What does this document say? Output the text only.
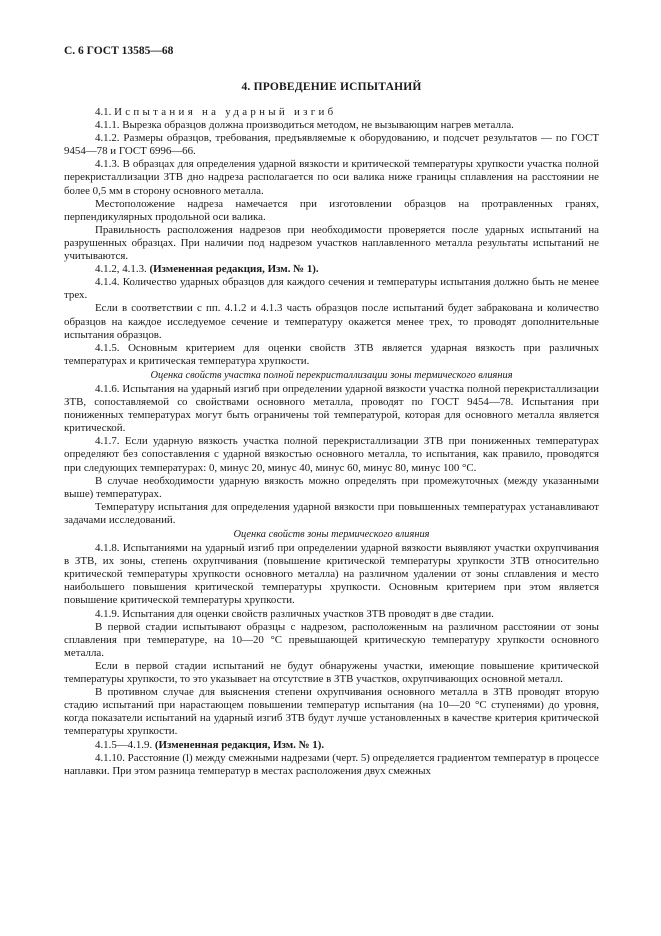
С. 6 ГОСТ 13585—68
4. ПРОВЕДЕНИЕ ИСПЫТАНИЙ
4.1. Испытания на ударный изгиб
4.1.1. Вырезка образцов должна производиться методом, не вызывающим нагрев металла.
4.1.2. Размеры образцов, требования, предъявляемые к оборудованию, и подсчет результатов — по ГОСТ 9454—78 и ГОСТ 6996—66.
4.1.3. В образцах для определения ударной вязкости и критической температуры хрупкости участка полной перекристаллизации ЗТВ дно надреза располагается по оси валика ниже границы сплавления на расстоянии не более 0,5 мм в сторону основного металла.
Местоположение надреза намечается при изготовлении образцов на протравленных гранях, перпендикулярных продольной оси валика.
Правильность расположения надрезов при необходимости проверяется после ударных испытаний на разрушенных образцах. При наличии под надрезом участков наплавленного металла результаты испытаний не учитываются.
4.1.2, 4.1.3. (Измененная редакция, Изм. № 1).
4.1.4. Количество ударных образцов для каждого сечения и температуры испытания должно быть не менее трех.
Если в соответствии с пп. 4.1.2 и 4.1.3 часть образцов после испытаний будет забракована и количество образцов на каждое исследуемое сечение и температуру окажется менее трех, то проводят дополнительные испытания образцов.
4.1.5. Основным критерием для оценки свойств ЗТВ является ударная вязкость при различных температурах и критическая температура хрупкости.
Оценка свойств участка полной перекристаллизации зоны термического влияния
4.1.6. Испытания на ударный изгиб при определении ударной вязкости участка полной перекристаллизации ЗТВ, сопоставляемой со свойствами основного металла, проводят по ГОСТ 9454—78. Испытания при пониженных температурах могут быть ограничены той температурой, которая для основного металла является критической.
4.1.7. Если ударную вязкость участка полной перекристаллизации ЗТВ при пониженных температурах определяют без сопоставления с ударной вязкостью основного металла, то испытания, как правило, проводятся при следующих температурах: 0, минус 20, минус 40, минус 60, минус 80, минус 100 °С.
В случае необходимости ударную вязкость можно определять при промежуточных (между указанными выше) температурах.
Температуру испытания для определения ударной вязкости при повышенных температурах устанавливают задачами исследований.
Оценка свойств зоны термического влияния
4.1.8. Испытаниями на ударный изгиб при определении ударной вязкости выявляют участки охрупчивания в ЗТВ, их зоны, степень охрупчивания (повышение критической температуры хрупкости ЗТВ относительно критической температуры хрупкости основного металла) на различном удалении от зоны сплавления и место наибольшего повышения критической температуры хрупкости. Основным критерием при этом является повышение критической температуры хрупкости.
4.1.9. Испытания для оценки свойств различных участков ЗТВ проводят в две стадии.
В первой стадии испытывают образцы с надрезом, расположенным на различном расстоянии от зоны сплавления при температуре, на 10—20 °С превышающей критическую температуру хрупкости основного металла.
Если в первой стадии испытаний не будут обнаружены участки, имеющие повышение критической температуры хрупкости, то это указывает на отсутствие в ЗТВ участков, охрупчивающих основной металл.
В противном случае для выяснения степени охрупчивания основного металла в ЗТВ проводят вторую стадию испытаний при нарастающем повышении температур испытания (на 10—20 °С ступенями) до уровня, когда показатели испытаний на ударный изгиб ЗТВ будут лучше установленных в качестве критерия критической температуры хрупкости.
4.1.5—4.1.9. (Измененная редакция, Изм. № 1).
4.1.10. Расстояние (l) между смежными надрезами (черт. 5) определяется градиентом температур в процессе наплавки. При этом разница температур в местах расположения двух смежных
